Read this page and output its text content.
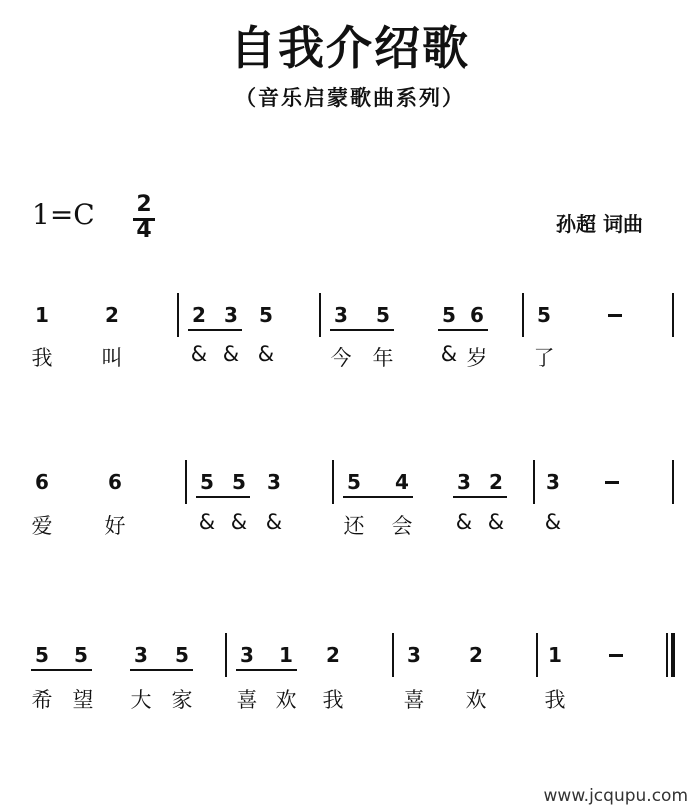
自我介绍歌
（音乐启蒙歌曲系列）
1=C 2
4	孙超 词曲
1	2	2 3 5	3 5	5 6	5
我 叫	& & &	今 年 & 岁 了
6	6	5 5 3	5 4 3 2 3
爱 好	& & &	还 会 & & &
5 5 3 5	3 1 2	3 2	1
希 望 大 家 喜 欢 我	喜 欢	我
www.jcqupu.com
